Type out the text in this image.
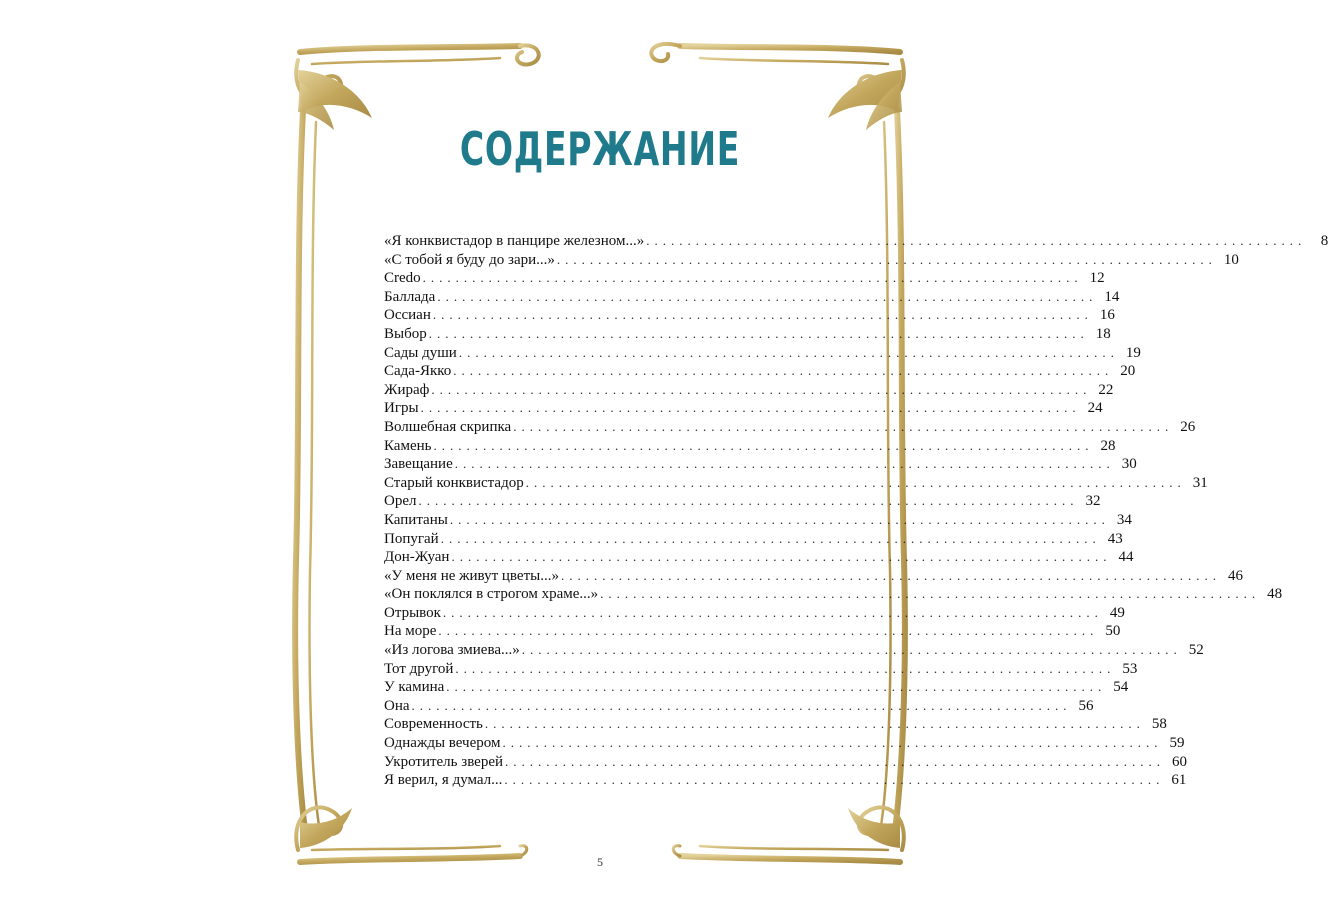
СОДЕРЖАНИЕ
«Я конквистадор в панцире железном...» ................................................................................ 8
«С тобой я буду до зари...» ................................................................................ 10
Credo ................................................................................ 12
Баллада ................................................................................ 14
Оссиан ................................................................................ 16
Выбор ................................................................................ 18
Сады души ................................................................................ 19
Сада-Якко ................................................................................ 20
Жираф ................................................................................ 22
Игры ................................................................................ 24
Волшебная скрипка ................................................................................ 26
Камень ................................................................................ 28
Завещание ................................................................................ 30
Старый конквистадор ................................................................................ 31
Орел ................................................................................ 32
Капитаны ................................................................................ 34
Попугай ................................................................................ 43
Дон-Жуан ................................................................................ 44
«У меня не живут цветы...» ................................................................................ 46
«Он поклялся в строгом храме...» ................................................................................ 48
Отрывок ................................................................................ 49
На море ................................................................................ 50
«Из логова змиева...» ................................................................................ 52
Тот другой ................................................................................ 53
У камина ................................................................................ 54
Она ................................................................................ 56
Современность ................................................................................ 58
Однажды вечером ................................................................................ 59
Укротитель зверей ................................................................................ 60
Я верил, я думал... ................................................................................ 61
5
